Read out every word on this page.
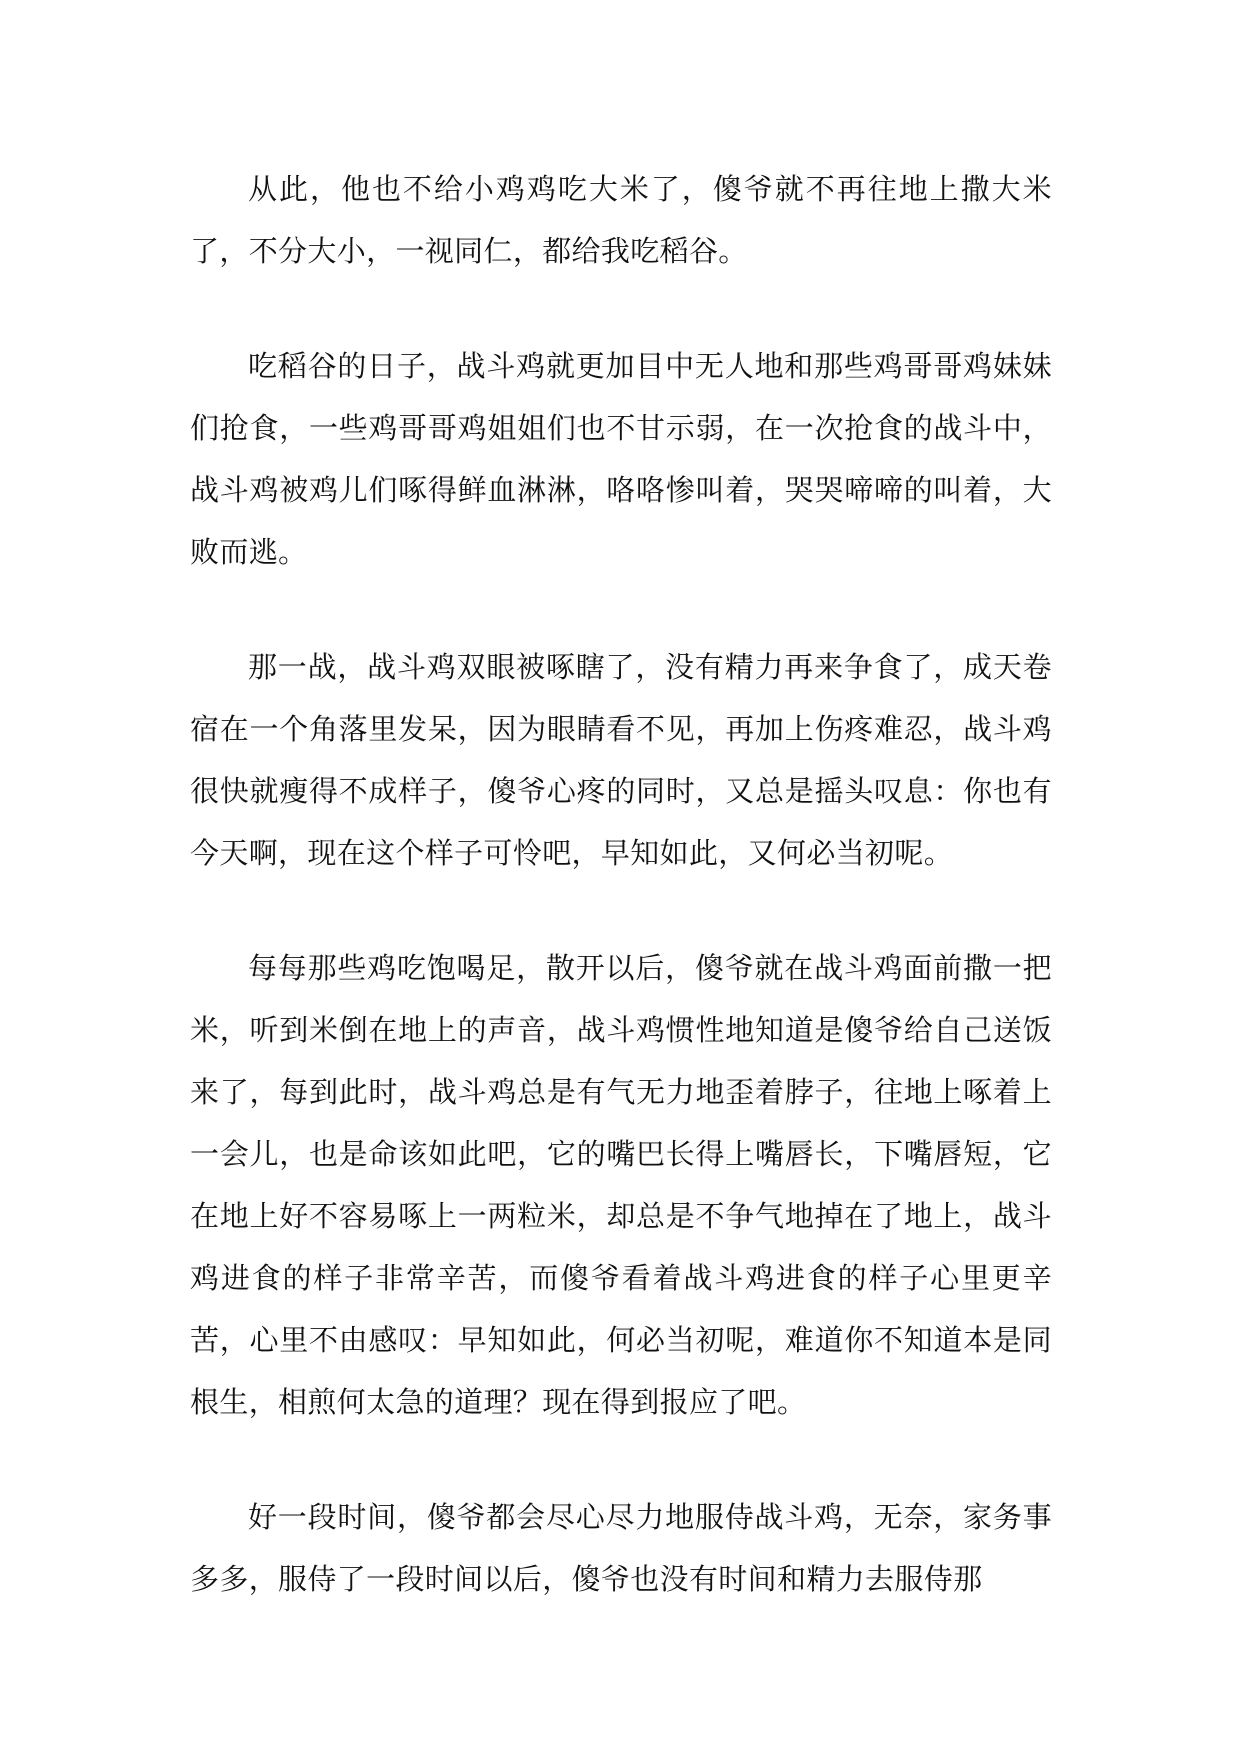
从此，他也不给小鸡鸡吃大米了，傻爷就不再往地上撒大米了，不分大小，一视同仁，都给我吃稻谷。

吃稻谷的日子，战斗鸡就更加目中无人地和那些鸡哥哥鸡妹妹们抢食，一些鸡哥哥鸡姐姐们也不甘示弱，在一次抢食的战斗中，战斗鸡被鸡儿们啄得鲜血淋淋，咯咯惨叫着，哭哭啼啼的叫着，大败而逃。

那一战，战斗鸡双眼被啄瞎了，没有精力再来争食了，成天卷宿在一个角落里发呆，因为眼睛看不见，再加上伤疼难忍，战斗鸡很快就瘦得不成样子，傻爷心疼的同时，又总是摇头叹息：你也有今天啊，现在这个样子可怜吧，早知如此，又何必当初呢。

每每那些鸡吃饱喝足，散开以后，傻爷就在战斗鸡面前撒一把米，听到米倒在地上的声音，战斗鸡惯性地知道是傻爷给自己送饭来了，每到此时，战斗鸡总是有气无力地歪着脖子，往地上啄着上一会儿，也是命该如此吧，它的嘴巴长得上嘴唇长，下嘴唇短，它在地上好不容易啄上一两粒米，却总是不争气地掉在了地上，战斗鸡进食的样子非常辛苦，而傻爷看着战斗鸡进食的样子心里更辛苦，心里不由感叹：早知如此，何必当初呢，难道你不知道本是同根生，相煎何太急的道理？现在得到报应了吧。

好一段时间，傻爷都会尽心尽力地服侍战斗鸡，无奈，家务事多多，服侍了一段时间以后，傻爷也没有时间和精力去服侍那
